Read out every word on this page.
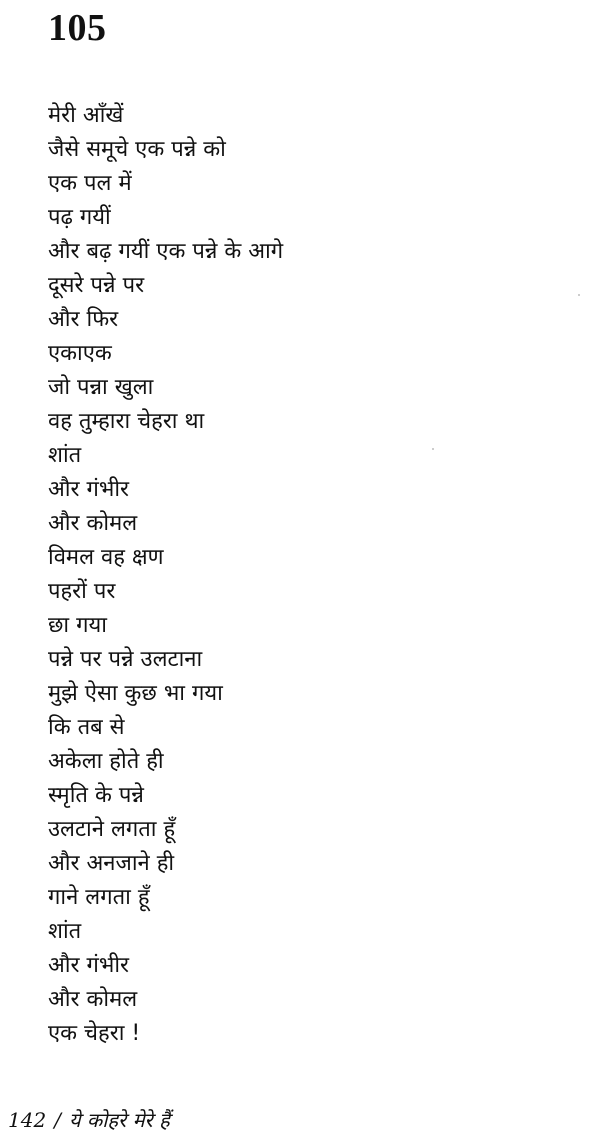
105
मेरी आँखें
जैसे समूचे एक पन्ने को
एक पल में
पढ़ गयीं
और बढ़ गयीं एक पन्ने के आगे
दूसरे पन्ने पर
और फिर
एकाएक
जो पन्ना खुला
वह तुम्हारा चेहरा था
शांत
और गंभीर
और कोमल
विमल वह क्षण
पहरों पर
छा गया
पन्ने पर पन्ने उलटाना
मुझे ऐसा कुछ भा गया
कि तब से
अकेला होते ही
स्मृति के पन्ने
उलटाने लगता हूँ
और अनजाने ही
गाने लगता हूँ
शांत
और गंभीर
और कोमल
एक चेहरा !
142 / ये कोहरे मेरे हैं
